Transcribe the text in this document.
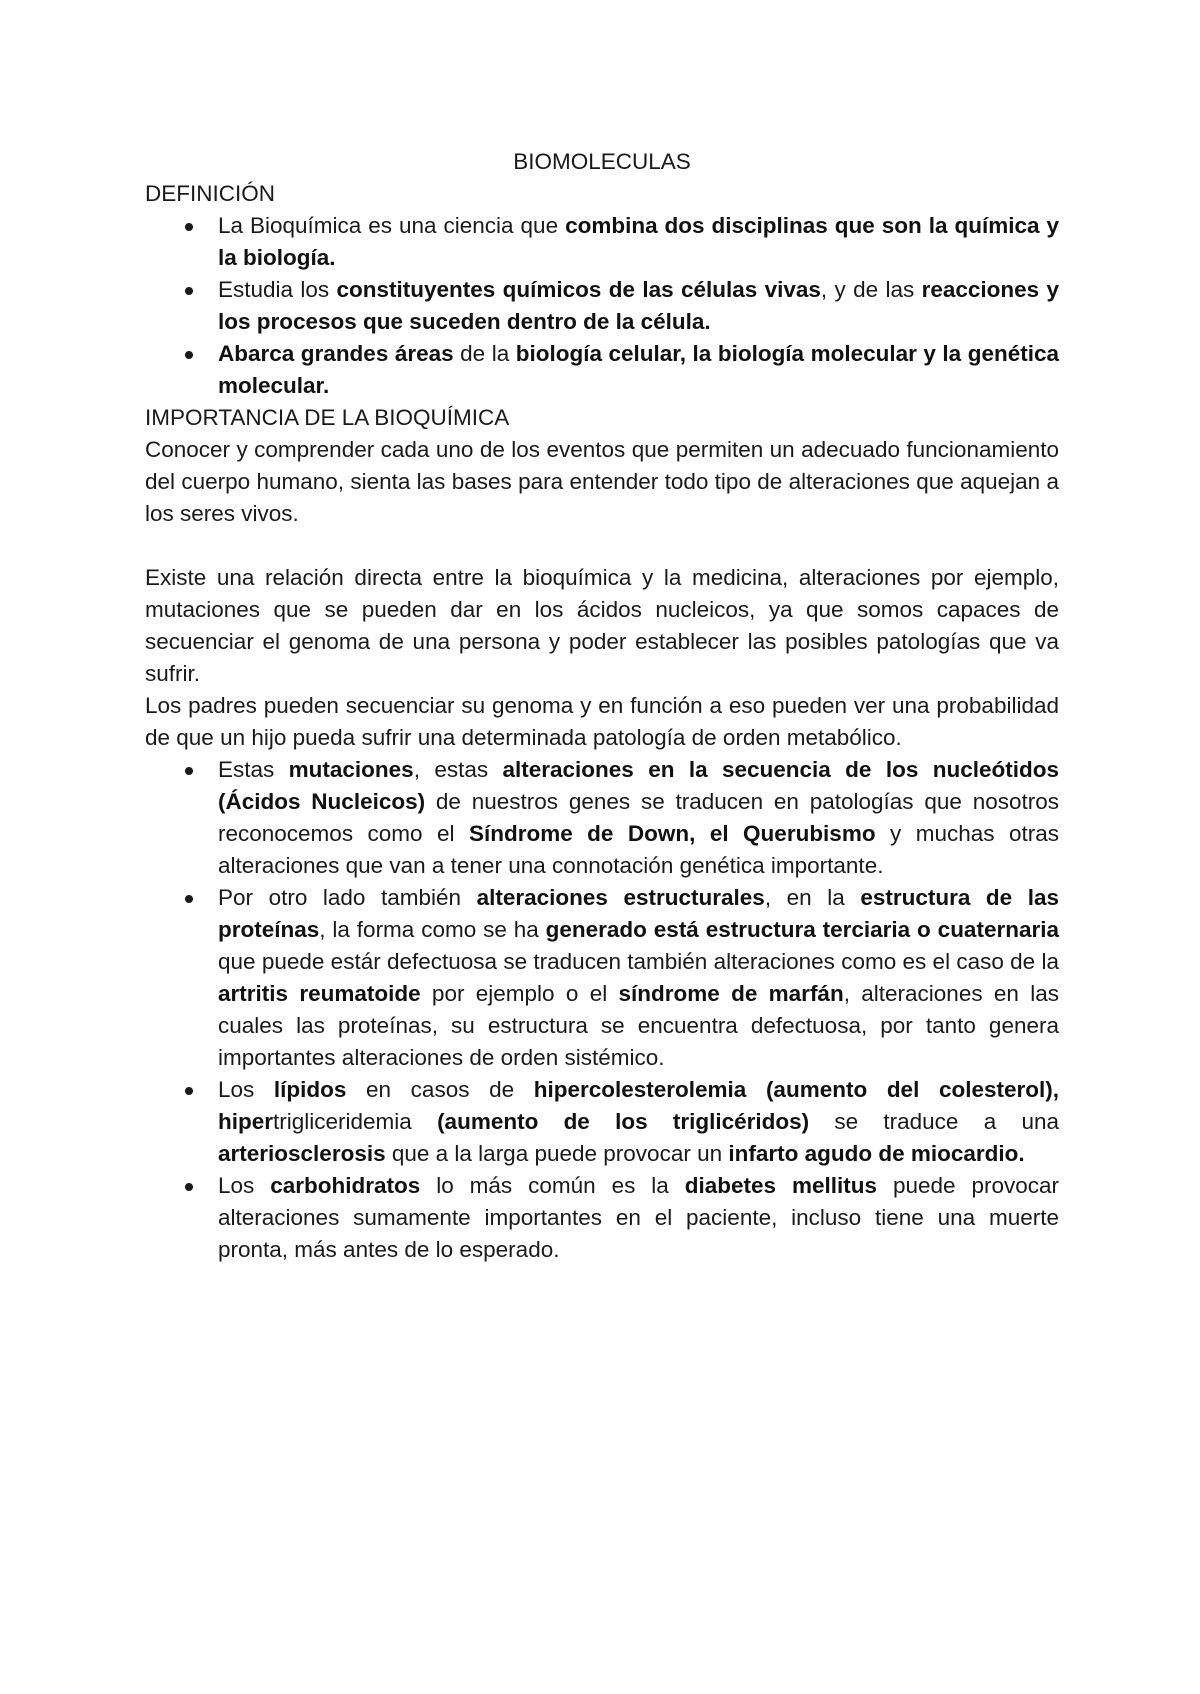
BIOMOLECULAS

DEFINICIÓN

La Bioquímica es una ciencia que combina dos disciplinas que son la química y la biología.
Estudia los constituyentes químicos de las células vivas, y de las reacciones y los procesos que suceden dentro de la célula.
Abarca grandes áreas de la biología celular, la biología molecular y la genética molecular.

IMPORTANCIA DE LA BIOQUÍMICA

Conocer y comprender cada uno de los eventos que permiten un adecuado funcionamiento del cuerpo humano, sienta las bases para entender todo tipo de alteraciones que aquejan a los seres vivos.

Existe una relación directa entre la bioquímica y la medicina, alteraciones por ejemplo, mutaciones que se pueden dar en los ácidos nucleicos, ya que somos capaces de secuenciar el genoma de una persona y poder establecer las posibles patologías que va sufrir.

Los padres pueden secuenciar su genoma y en función a eso pueden ver una probabilidad de que un hijo pueda sufrir una determinada patología de orden metabólico.

Estas mutaciones, estas alteraciones en la secuencia de los nucleótidos (Ácidos Nucleicos) de nuestros genes se traducen en patologías que nosotros reconocemos como el Síndrome de Down, el Querubismo y muchas otras alteraciones que van a tener una connotación genética importante.
Por otro lado también alteraciones estructurales, en la estructura de las proteínas, la forma como se ha generado está estructura terciaria o cuaternaria que puede estár defectuosa se traducen también alteraciones como es el caso de la artritis reumatoide por ejemplo o el síndrome de marfán, alteraciones en las cuales las proteínas, su estructura se encuentra defectuosa, por tanto genera importantes alteraciones de orden sistémico.
Los lípidos en casos de hipercolesterolemia (aumento del colesterol), hipertrigliceridemia (aumento de los triglicéridos) se traduce a una arteriosclerosis que a la larga puede provocar un infarto agudo de miocardio.
Los carbohidratos lo más común es la diabetes mellitus puede provocar alteraciones sumamente importantes en el paciente, incluso tiene una muerte pronta, más antes de lo esperado.
